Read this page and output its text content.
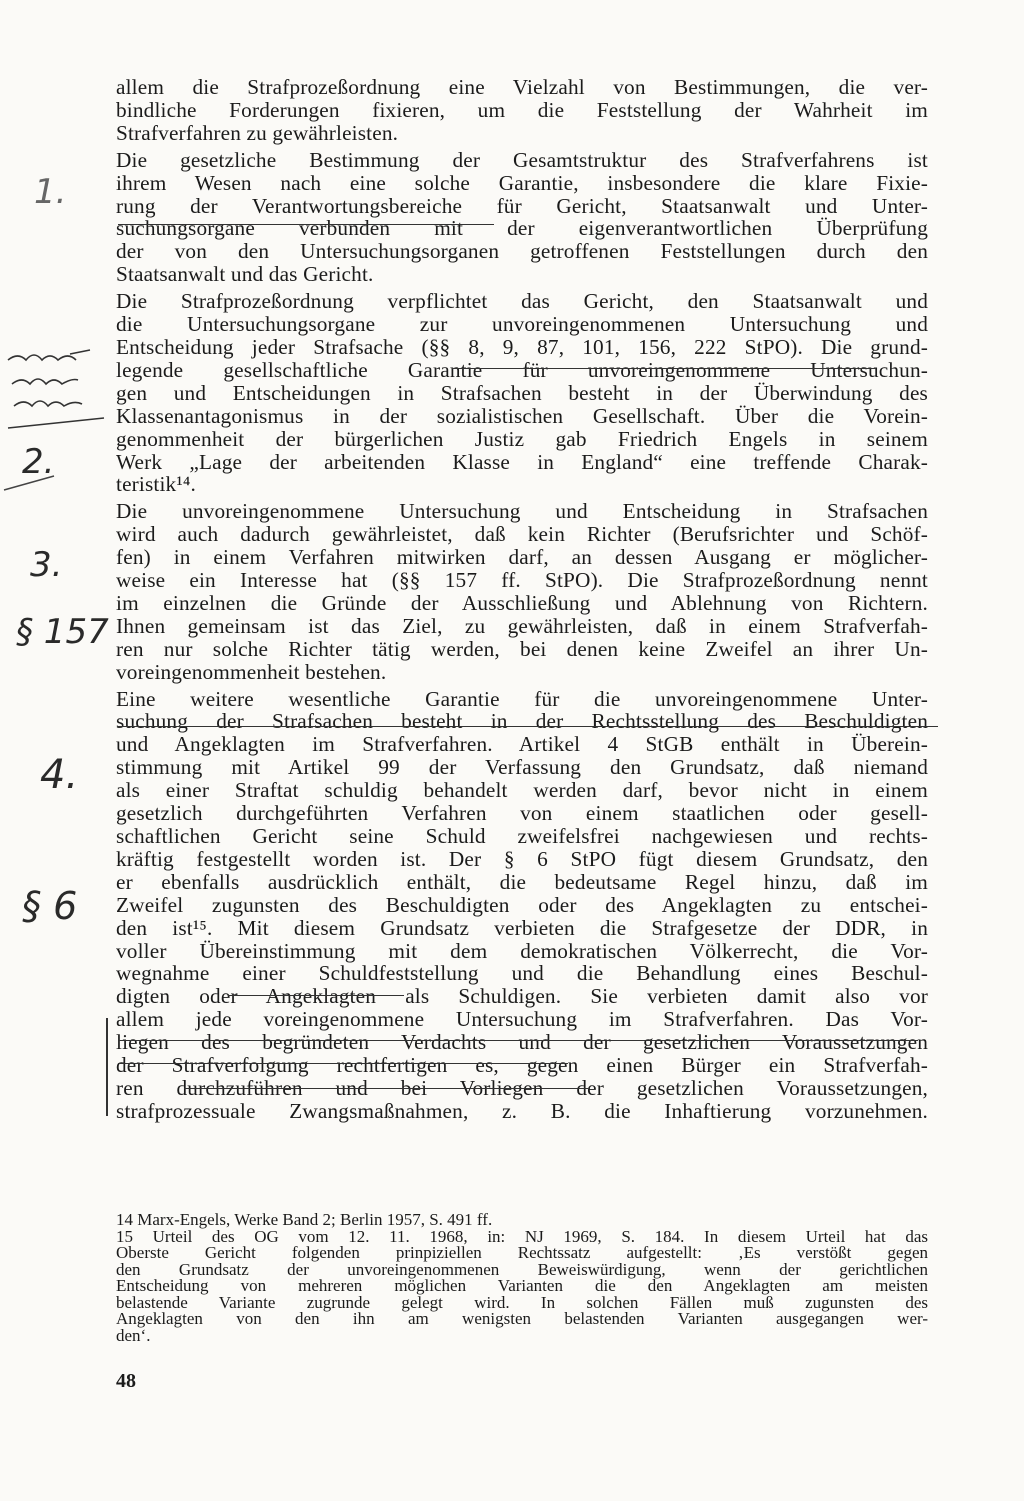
allem die Strafprozeßordnung eine Vielzahl von Bestimmungen, die ver-
bindliche Forderungen fixieren, um die Feststellung der Wahrheit im
Strafverfahren zu gewährleisten.
Die gesetzliche Bestimmung der Gesamtstruktur des Strafverfahrens ist
ihrem Wesen nach eine solche Garantie, insbesondere die klare Fixie-
rung der Verantwortungsbereiche für Gericht, Staatsanwalt und Unter-
suchungsorgane verbunden mit der eigenverantwortlichen Überprüfung
der von den Untersuchungsorganen getroffenen Feststellungen durch den
Staatsanwalt und das Gericht.
Die Strafprozeßordnung verpflichtet das Gericht, den Staatsanwalt und
die Untersuchungsorgane zur unvoreingenommenen Untersuchung und
Entscheidung jeder Strafsache (§§ 8, 9, 87, 101, 156, 222 StPO). Die grund-
legende gesellschaftliche Garantie für unvoreingenommene Untersuchun-
gen und Entscheidungen in Strafsachen besteht in der Überwindung des
Klassenantagonismus in der sozialistischen Gesellschaft. Über die Vorein-
genommenheit der bürgerlichen Justiz gab Friedrich Engels in seinem
Werk „Lage der arbeitenden Klasse in England“ eine treffende Charak-
teristik¹⁴.
Die unvoreingenommene Untersuchung und Entscheidung in Strafsachen
wird auch dadurch gewährleistet, daß kein Richter (Berufsrichter und Schöf-
fen) in einem Verfahren mitwirken darf, an dessen Ausgang er möglicher-
weise ein Interesse hat (§§ 157 ff. StPO). Die Strafprozeßordnung nennt
im einzelnen die Gründe der Ausschließung und Ablehnung von Richtern.
Ihnen gemeinsam ist das Ziel, zu gewährleisten, daß in einem Strafverfah-
ren nur solche Richter tätig werden, bei denen keine Zweifel an ihrer Un-
voreingenommenheit bestehen.
Eine weitere wesentliche Garantie für die unvoreingenommene Unter-
suchung der Strafsachen besteht in der Rechtsstellung des Beschuldigten
und Angeklagten im Strafverfahren. Artikel 4 StGB enthält in Überein-
stimmung mit Artikel 99 der Verfassung den Grundsatz, daß niemand
als einer Straftat schuldig behandelt werden darf, bevor nicht in einem
gesetzlich durchgeführten Verfahren von einem staatlichen oder gesell-
schaftlichen Gericht seine Schuld zweifelsfrei nachgewiesen und rechts-
kräftig festgestellt worden ist. Der § 6 StPO fügt diesem Grundsatz, den
er ebenfalls ausdrücklich enthält, die bedeutsame Regel hinzu, daß im
Zweifel zugunsten des Beschuldigten oder des Angeklagten zu entschei-
den ist¹⁵. Mit diesem Grundsatz verbieten die Strafgesetze der DDR, in
voller Übereinstimmung mit dem demokratischen Völkerrecht, die Vor-
wegnahme einer Schuldfeststellung und die Behandlung eines Beschul-
digten oder Angeklagten als Schuldigen. Sie verbieten damit also vor
allem jede voreingenommene Untersuchung im Strafverfahren. Das Vor-
liegen des begründeten Verdachts und der gesetzlichen Voraussetzungen
der Strafverfolgung rechtfertigen es, gegen einen Bürger ein Strafverfah-
ren durchzuführen und bei Vorliegen der gesetzlichen Voraussetzungen,
strafprozessuale Zwangsmaßnahmen, z. B. die Inhaftierung vorzunehmen.
1.
2.
3.
§ 157
4.
§ 6
14 Marx-Engels, Werke Band 2; Berlin 1957, S. 491 ff.
15 Urteil des OG vom 12. 11. 1968, in: NJ 1969, S. 184. In diesem Urteil hat das
Oberste Gericht folgenden prinpiziellen Rechtssatz aufgestellt: ‚Es verstößt gegen
den Grundsatz der unvoreingenommenen Beweiswürdigung, wenn der gerichtlichen
Entscheidung von mehreren möglichen Varianten die den Angeklagten am meisten
belastende Variante zugrunde gelegt wird. In solchen Fällen muß zugunsten des
Angeklagten von den ihn am wenigsten belastenden Varianten ausgegangen wer-
den‘.
48
